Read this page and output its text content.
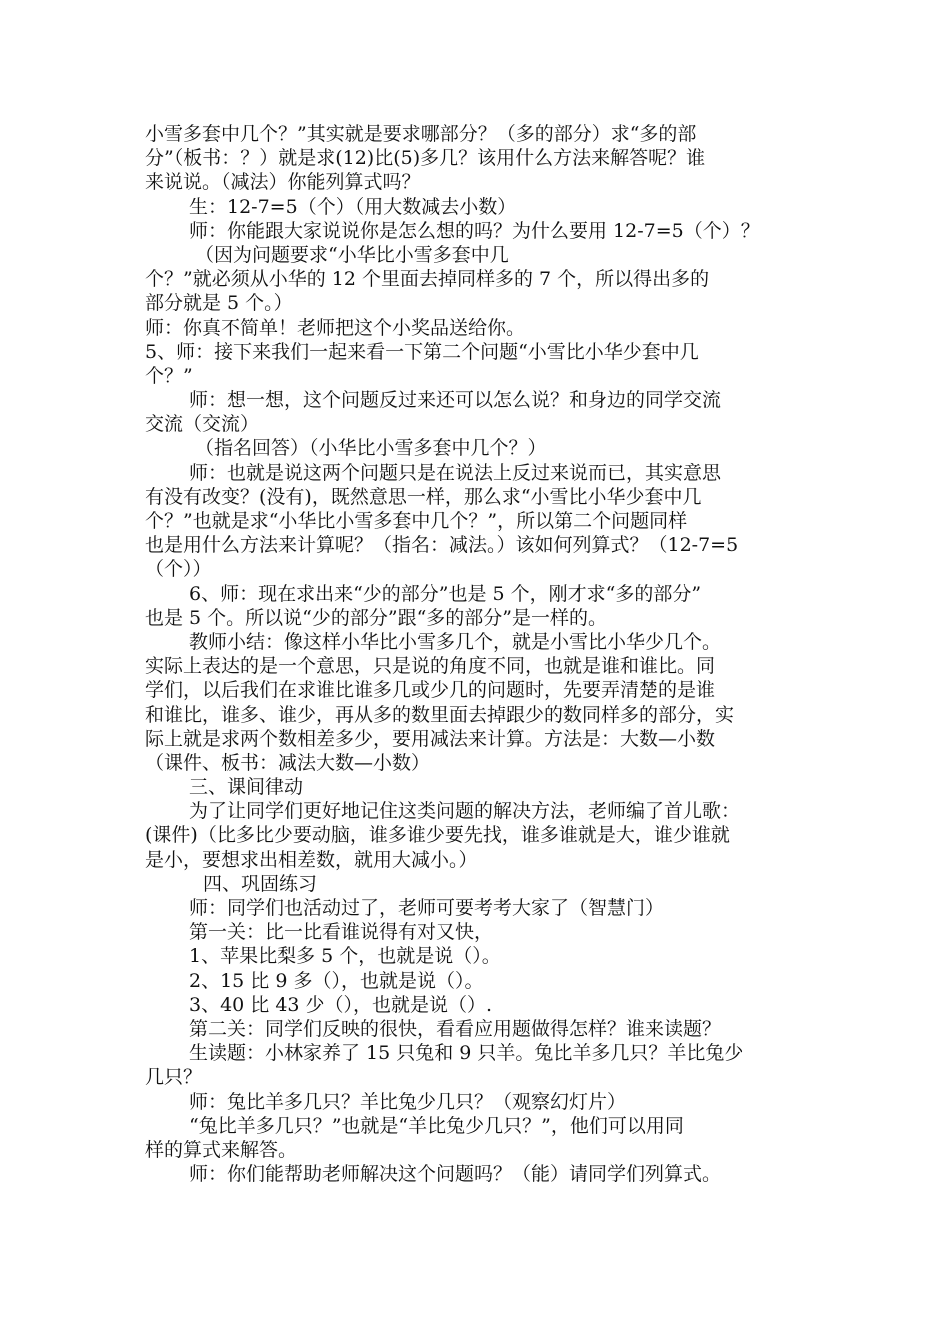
小雪多套中几个？”其实就是要求哪部分？（多的部分）求“多的部
分”（板书：？）就是求(12)比(5)多几？该用什么方法来解答呢？谁
来说说。（减法）你能列算式吗？
生：12-7=5（个）（用大数减去小数）
师：你能跟大家说说你是怎么想的吗？为什么要用 12-7=5（个）？
（因为问题要求“小华比小雪多套中几
个？”就必须从小华的 12 个里面去掉同样多的 7 个，所以得出多的
部分就是 5 个。）
师：你真不简单！老师把这个小奖品送给你。
5、师：接下来我们一起来看一下第二个问题“小雪比小华少套中几
个？”
师：想一想，这个问题反过来还可以怎么说？和身边的同学交流
交流（交流）
（指名回答）（小华比小雪多套中几个？）
师：也就是说这两个问题只是在说法上反过来说而已，其实意思
有没有改变？(没有)，既然意思一样，那么求“小雪比小华少套中几
个？”也就是求“小华比小雪多套中几个？”，所以第二个问题同样
也是用什么方法来计算呢？（指名：减法。）该如何列算式？（12-7=5
（个））
6、师：现在求出来“少的部分”也是 5 个，刚才求“多的部分”
也是 5 个。所以说“少的部分”跟“多的部分”是一样的。
教师小结：像这样小华比小雪多几个，就是小雪比小华少几个。
实际上表达的是一个意思，只是说的角度不同，也就是谁和谁比。同
学们，以后我们在求谁比谁多几或少几的问题时，先要弄清楚的是谁
和谁比，谁多、谁少，再从多的数里面去掉跟少的数同样多的部分，实
际上就是求两个数相差多少，要用减法来计算。方法是：大数—小数
（课件、板书：减法大数—小数）
三、课间律动
为了让同学们更好地记住这类问题的解决方法，老师编了首儿歌：
(课件)（比多比少要动脑，谁多谁少要先找，谁多谁就是大，谁少谁就
是小，要想求出相差数，就用大减小。）
四、巩固练习
师：同学们也活动过了，老师可要考考大家了（智慧门）
第一关：比一比看谁说得有对又快，
1、苹果比梨多 5 个，也就是说（）。
2、15 比 9 多（），也就是说（）。
3、40 比 43 少（），也就是说（）.
第二关：同学们反映的很快，看看应用题做得怎样？谁来读题？
生读题：小林家养了 15 只兔和 9 只羊。兔比羊多几只？羊比兔少
几只？
师：兔比羊多几只？羊比兔少几只？（观察幻灯片）
“兔比羊多几只？”也就是“羊比兔少几只？”，他们可以用同
样的算式来解答。
师：你们能帮助老师解决这个问题吗？（能）请同学们列算式。
